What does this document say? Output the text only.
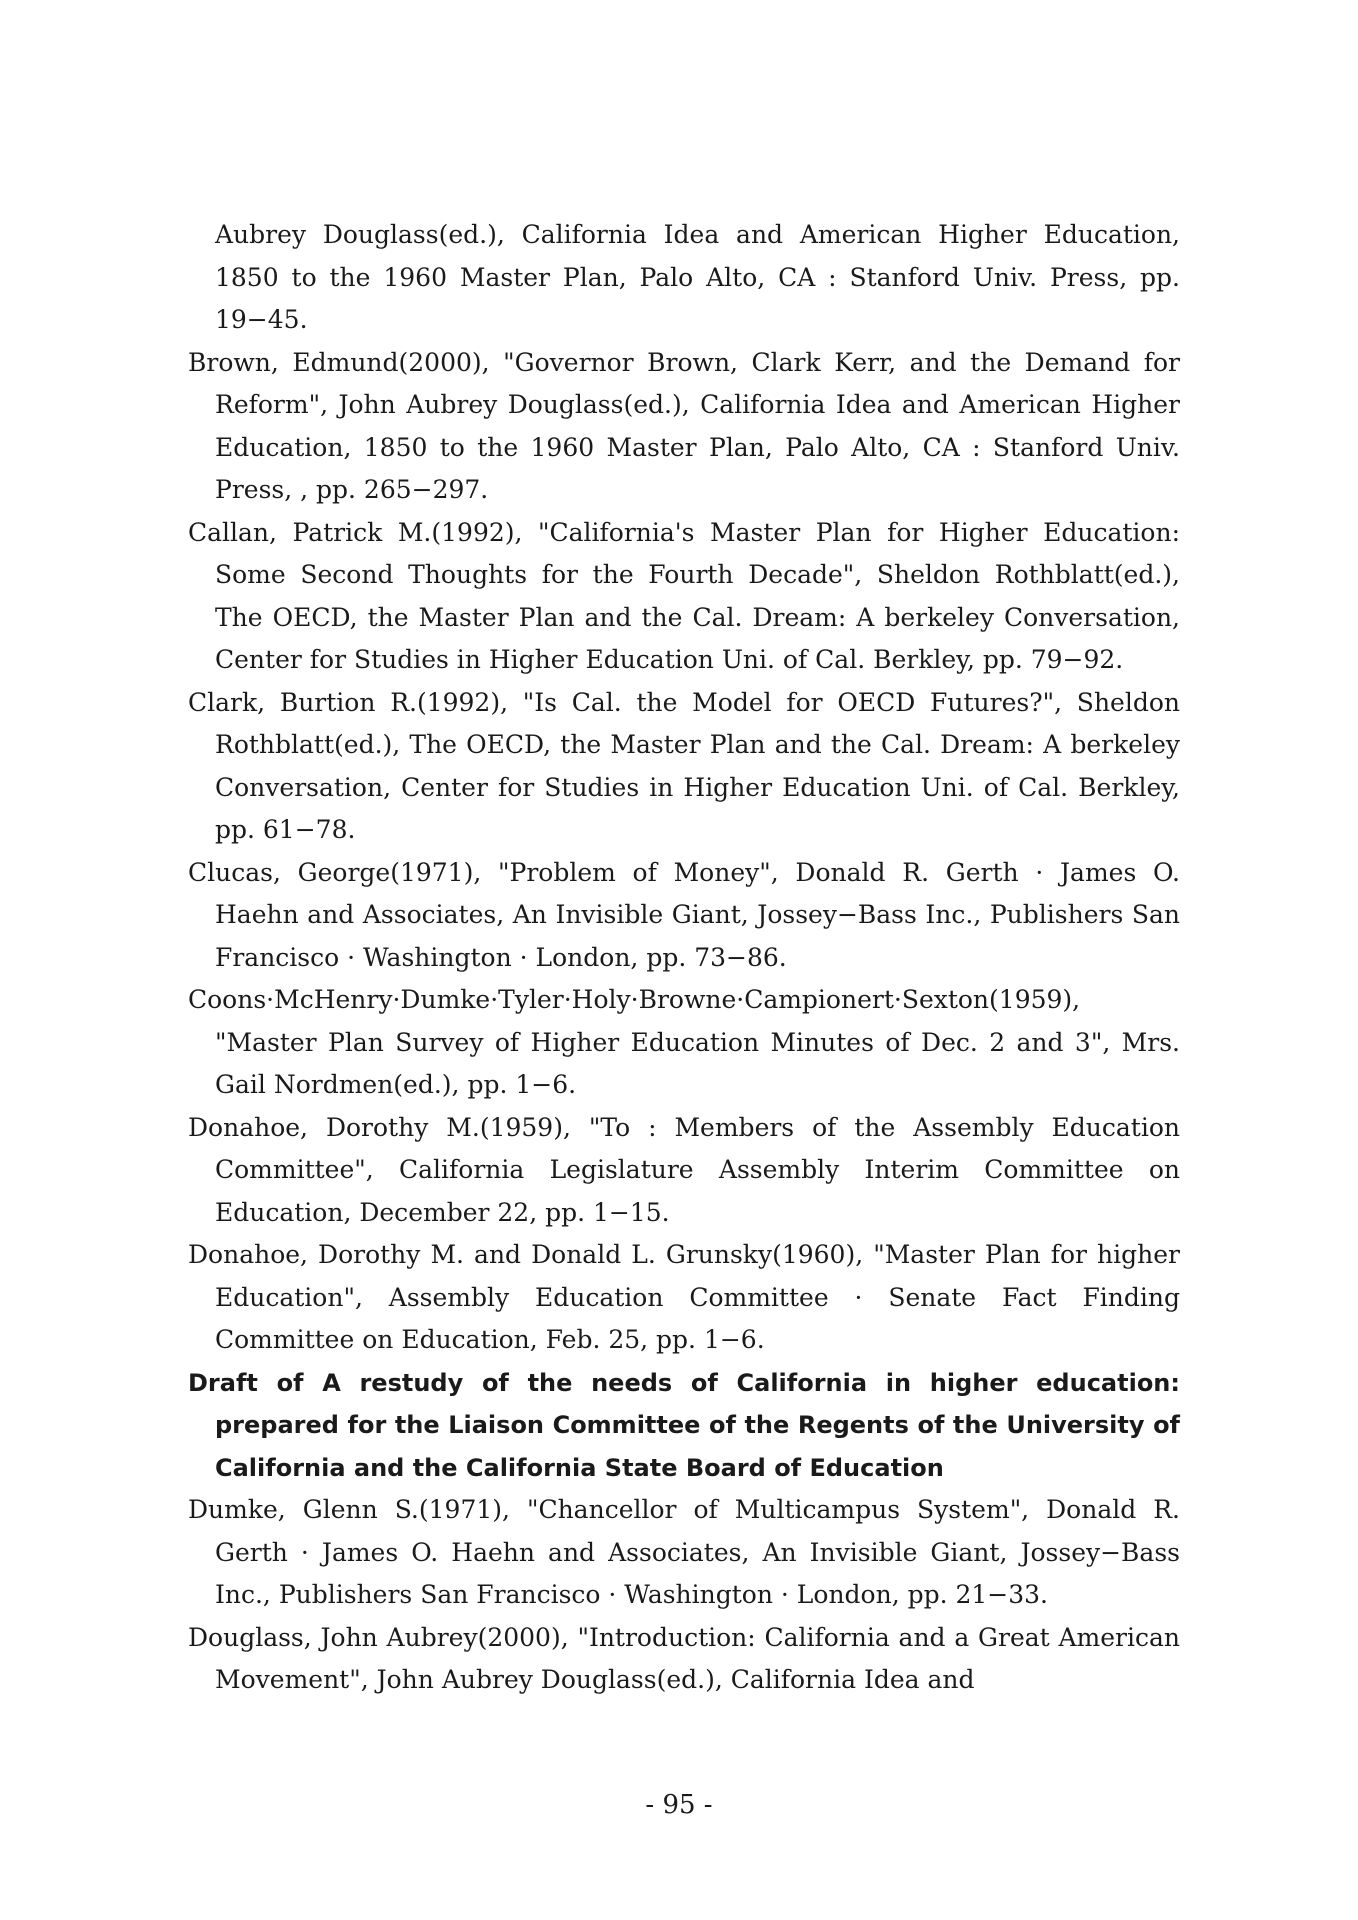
Aubrey Douglass(ed.), California Idea and American Higher Education, 1850 to the 1960 Master Plan, Palo Alto, CA : Stanford Univ. Press, pp. 19−45.

Brown, Edmund(2000), "Governor Brown, Clark Kerr, and the Demand for Reform", John Aubrey Douglass(ed.), California Idea and American Higher Education, 1850 to the 1960 Master Plan, Palo Alto, CA : Stanford Univ. Press, , pp. 265−297.

Callan, Patrick M.(1992), "California's Master Plan for Higher Education: Some Second Thoughts for the Fourth Decade", Sheldon Rothblatt(ed.), The OECD, the Master Plan and the Cal. Dream: A berkeley Conversation, Center for Studies in Higher Education Uni. of Cal. Berkley, pp. 79−92.

Clark, Burtion R.(1992), "Is Cal. the Model for OECD Futures?", Sheldon Rothblatt(ed.), The OECD, the Master Plan and the Cal. Dream: A berkeley Conversation, Center for Studies in Higher Education Uni. of Cal. Berkley, pp. 61−78.

Clucas, George(1971), "Problem of Money", Donald R. Gerth · James O. Haehn and Associates, An Invisible Giant, Jossey−Bass Inc., Publishers San Francisco · Washington · London, pp. 73−86.

Coons·McHenry·Dumke·Tyler·Holy·Browne·Campionert·Sexton(1959), "Master Plan Survey of Higher Education Minutes of Dec. 2 and 3", Mrs. Gail Nordmen(ed.), pp. 1−6.

Donahoe, Dorothy M.(1959), "To : Members of the Assembly Education Committee", California Legislature Assembly Interim Committee on Education, December 22, pp. 1−15.

Donahoe, Dorothy M. and Donald L. Grunsky(1960), "Master Plan for higher Education", Assembly Education Committee · Senate Fact Finding Committee on Education, Feb. 25, pp. 1−6.

Draft of A restudy of the needs of California in higher education: prepared for the Liaison Committee of the Regents of the University of California and the California State Board of Education

Dumke, Glenn S.(1971), "Chancellor of Multicampus System", Donald R. Gerth · James O. Haehn and Associates, An Invisible Giant, Jossey−Bass Inc., Publishers San Francisco · Washington · London, pp. 21−33.

Douglass, John Aubrey(2000), "Introduction: California and a Great American Movement", John Aubrey Douglass(ed.), California Idea and

- 95 -
